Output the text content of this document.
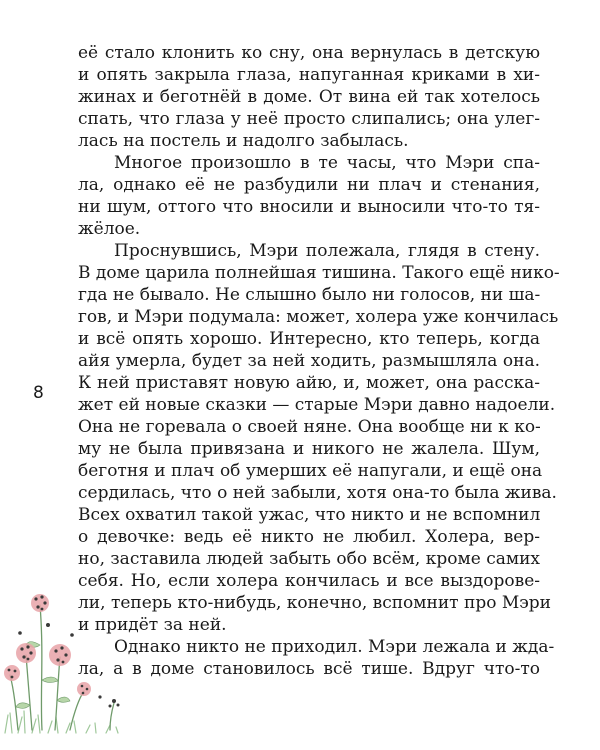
её стало клонить ко сну, она вернулась в детскую
и опять закрыла глаза, напуганная криками в хи-
жинах и беготнёй в доме. От вина ей так хотелось
спать, что глаза у неё просто слипались; она улег-
лась на постель и надолго забылась.
Многое произошло в те часы, что Мэри спа-
ла, однако её не разбудили ни плач и стенания,
ни шум, оттого что вносили и выносили что-то тя-
жёлое.
Проснувшись, Мэри полежала, глядя в стену.
В доме царила полнейшая тишина. Такого ещё нико-
гда не бывало. Не слышно было ни голосов, ни ша-
гов, и Мэри подумала: может, холера уже кончилась
и всё опять хорошо. Интересно, кто теперь, когда
айя умерла, будет за ней ходить, размышляла она.
К ней приставят новую айю, и, может, она расска-
жет ей новые сказки — старые Мэри давно надоели.
Она не горевала о своей няне. Она вообще ни к ко-
му не была привязана и никого не жалела. Шум,
беготня и плач об умерших её напугали, и ещё она
сердилась, что о ней забыли, хотя она-то была жива.
Всех охватил такой ужас, что никто и не вспомнил
о девочке: ведь её никто не любил. Холера, вер-
но, заставила людей забыть обо всём, кроме самих
себя. Но, если холера кончилась и все выздорове-
ли, теперь кто-нибудь, конечно, вспомнит про Мэри
и придёт за ней.
Однако никто не приходил. Мэри лежала и жда-
ла, а в доме становилось всё тише. Вдруг что-то
8
